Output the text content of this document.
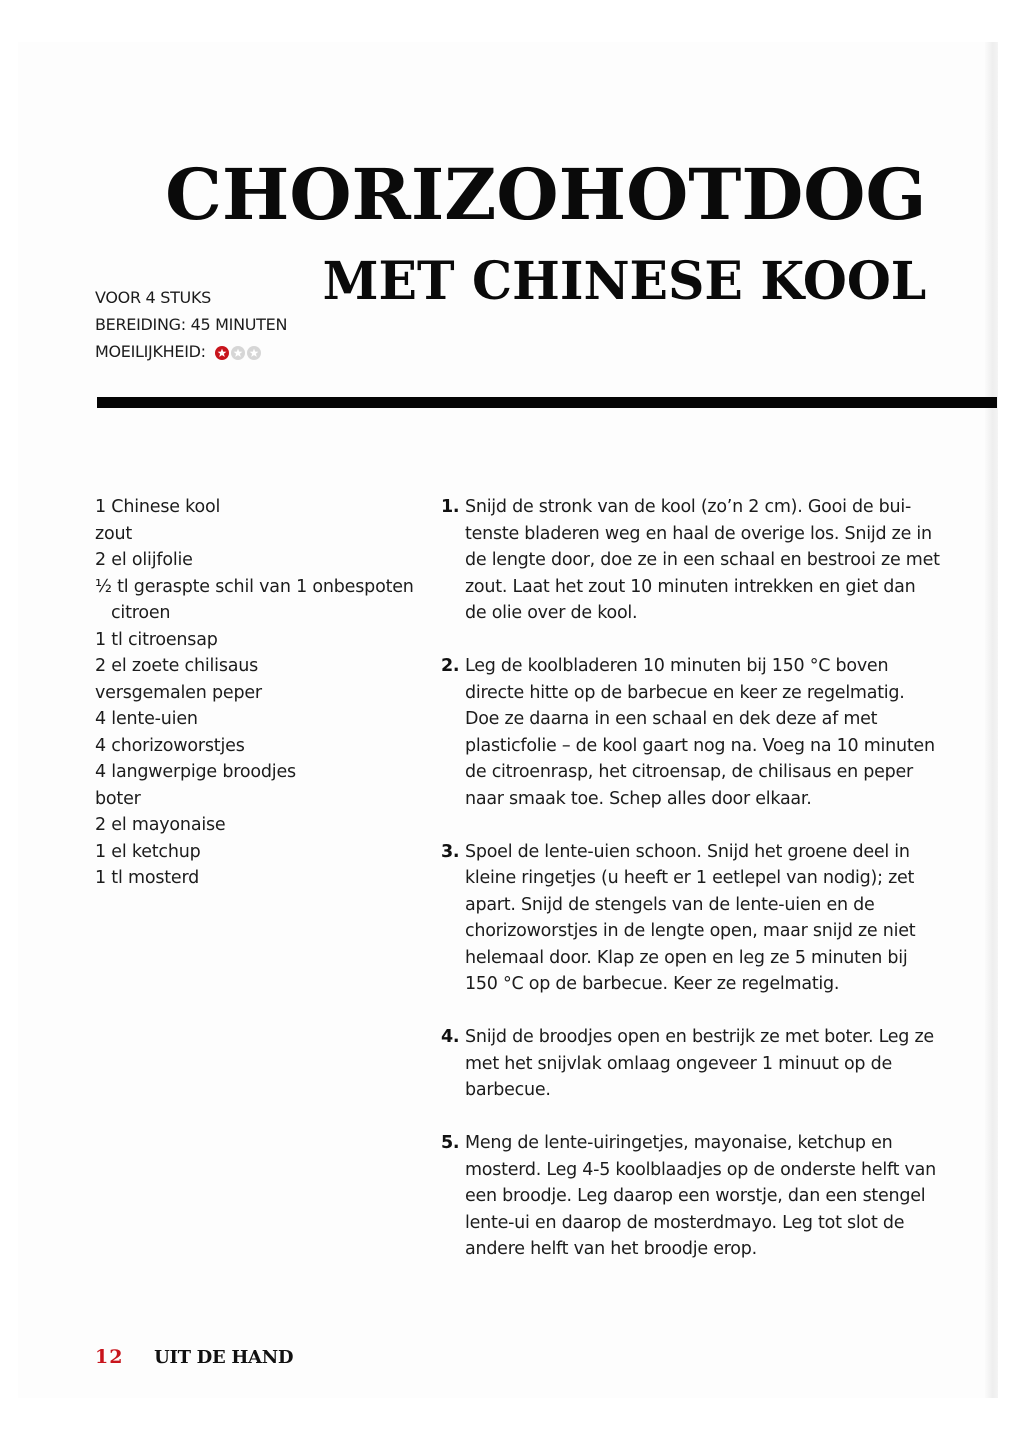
CHORIZOHOTDOG
MET CHINESE KOOL
VOOR 4 STUKS
BEREIDING: 45 MINUTEN
MOEILIJKHEID:
1 Chinese kool
zout
2 el olijfolie
½ tl geraspte schil van 1 onbespoten citroen
1 tl citroensap
2 el zoete chilisaus
versgemalen peper
4 lente-uien
4 chorizoworstjes
4 langwerpige broodjes
boter
2 el mayonaise
1 el ketchup
1 tl mosterd
1. Snijd de stronk van de kool (zo’n 2 cm). Gooi de buitenste bladeren weg en haal de overige los. Snijd ze in de lengte door, doe ze in een schaal en bestrooi ze met zout. Laat het zout 10 minuten intrekken en giet dan de olie over de kool.
2. Leg de koolbladeren 10 minuten bij 150 °C boven directe hitte op de barbecue en keer ze regelmatig. Doe ze daarna in een schaal en dek deze af met plasticfolie – de kool gaart nog na. Voeg na 10 minuten de citroenrasp, het citroensap, de chilisaus en peper naar smaak toe. Schep alles door elkaar.
3. Spoel de lente-uien schoon. Snijd het groene deel in kleine ringetjes (u heeft er 1 eetlepel van nodig); zet apart. Snijd de stengels van de lente-uien en de chorizoworstjes in de lengte open, maar snijd ze niet helemaal door. Klap ze open en leg ze 5 minuten bij 150 °C op de barbecue. Keer ze regelmatig.
4. Snijd de broodjes open en bestrijk ze met boter. Leg ze met het snijvlak omlaag ongeveer 1 minuut op de barbecue.
5. Meng de lente-uiringetjes, mayonaise, ketchup en mosterd. Leg 4-5 koolblaadjes op de onderste helft van een broodje. Leg daarop een worstje, dan een stengel lente-ui en daarop de mosterdmayo. Leg tot slot de andere helft van het broodje erop.
12 UIT DE HAND
